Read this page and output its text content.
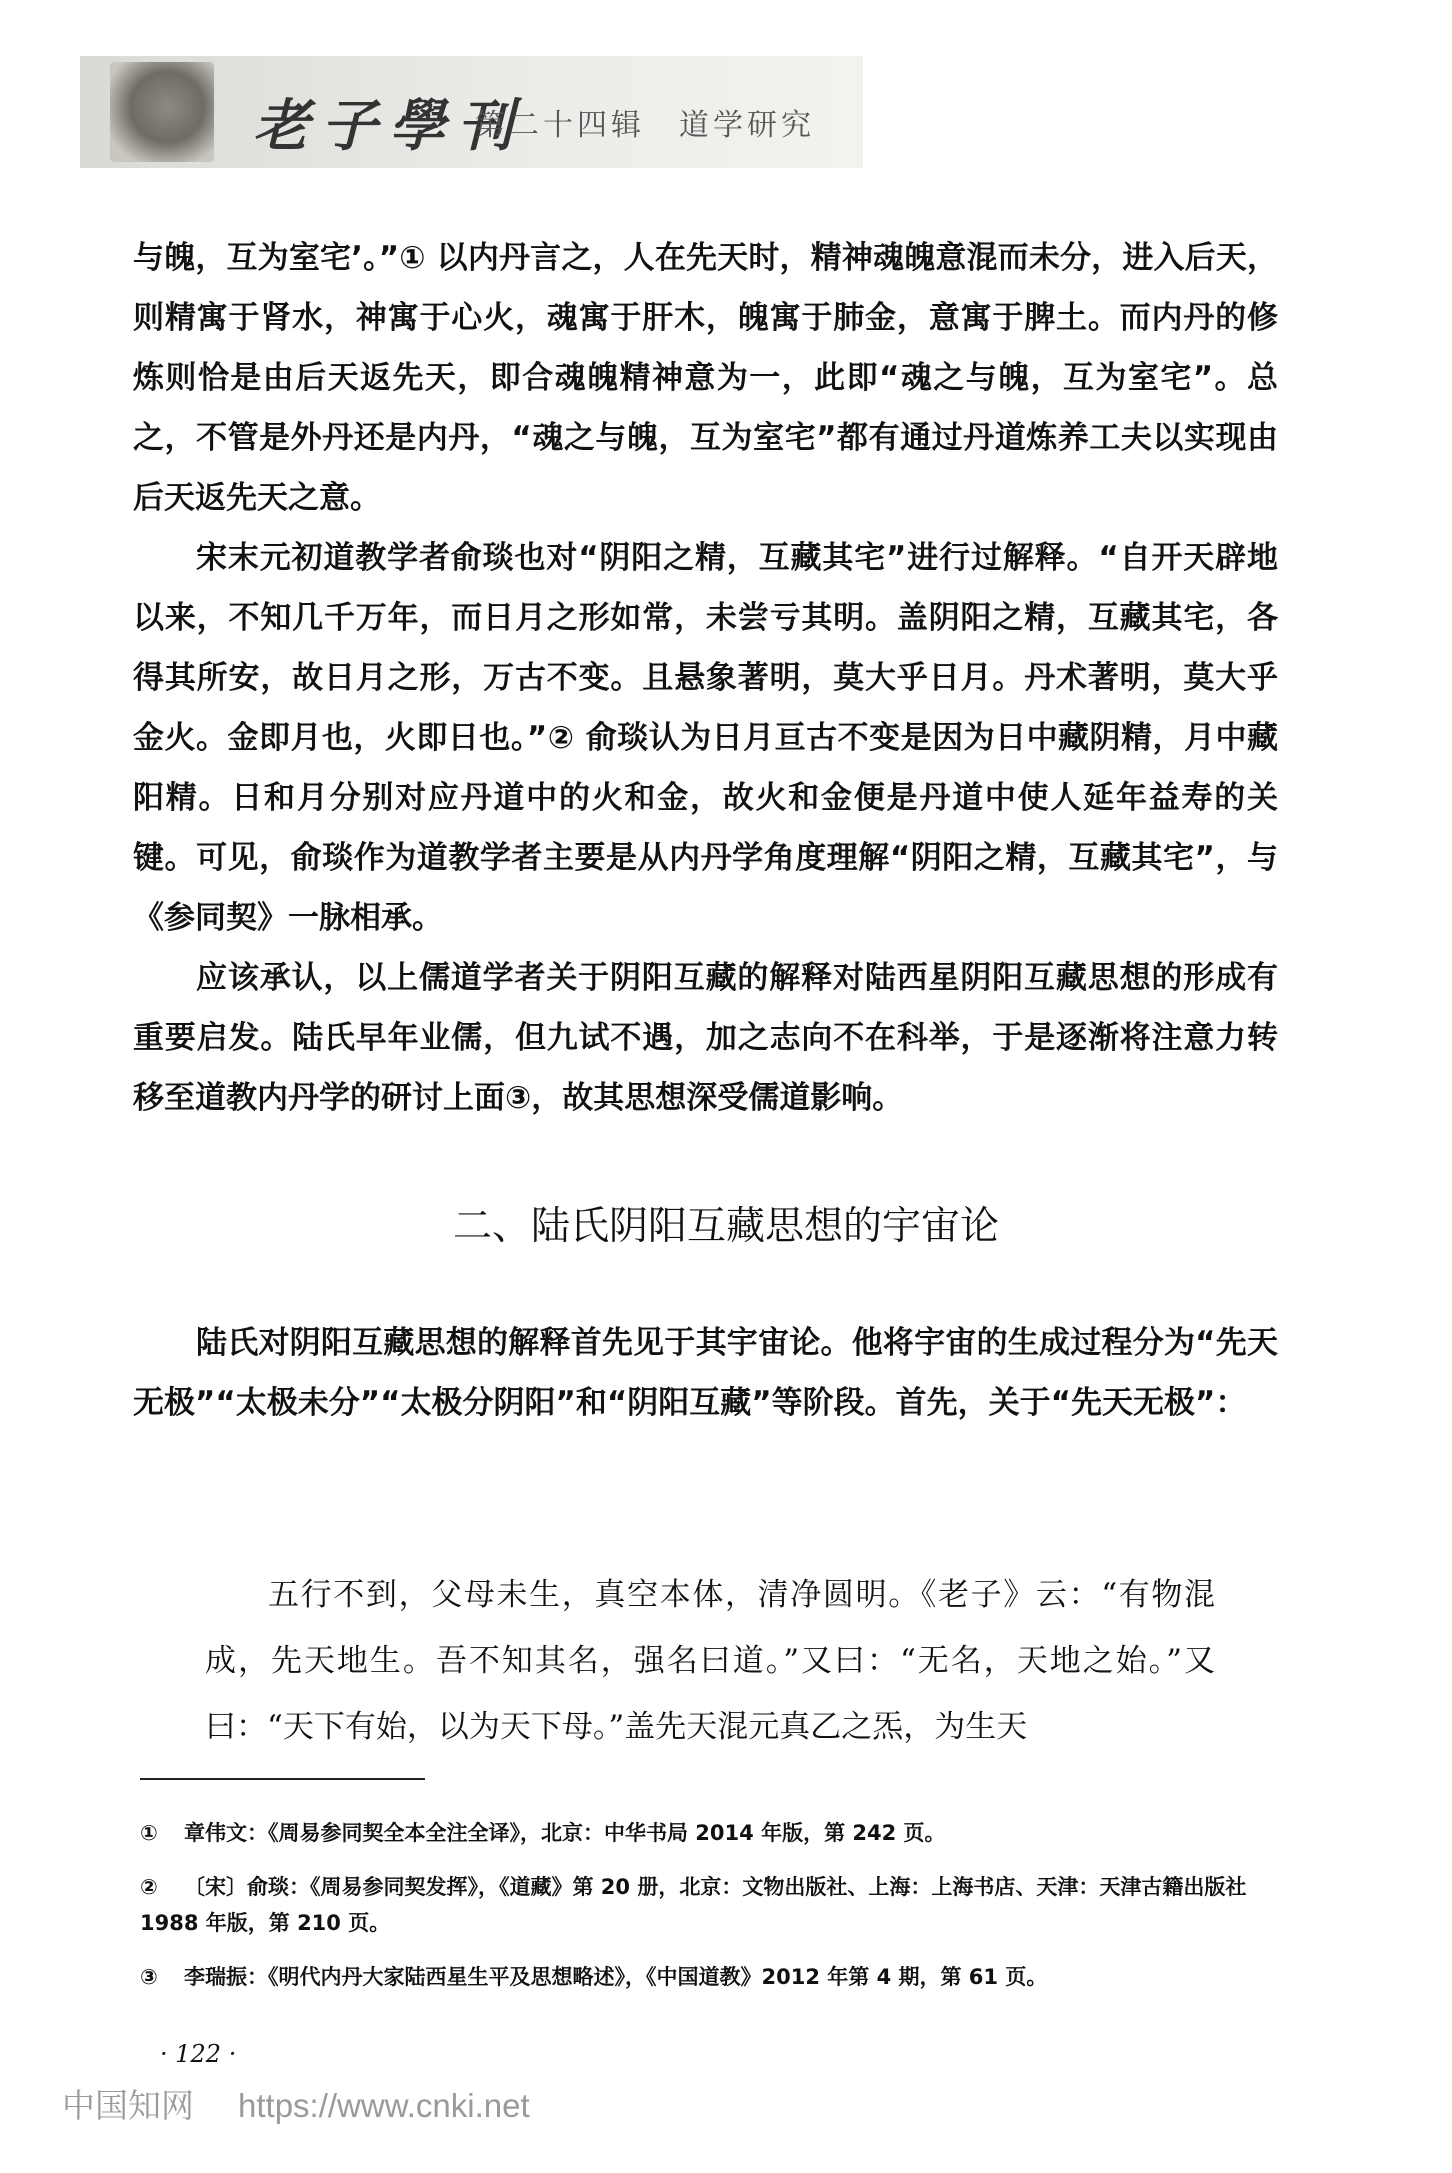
老子學刊
第二十四辑　道学研究

与魄，互为室宅’。”① 以内丹言之，人在先天时，精神魂魄意混而未分，进入后天，则精寓于肾水，神寓于心火，魂寓于肝木，魄寓于肺金，意寓于脾土。而内丹的修炼则恰是由后天返先天，即合魂魄精神意为一，此即“魂之与魄，互为室宅”。总之，不管是外丹还是内丹，“魂之与魄，互为室宅”都有通过丹道炼养工夫以实现由后天返先天之意。

宋末元初道教学者俞琰也对“阴阳之精，互藏其宅”进行过解释。“自开天辟地以来，不知几千万年，而日月之形如常，未尝亏其明。盖阴阳之精，互藏其宅，各得其所安，故日月之形，万古不变。且悬象著明，莫大乎日月。丹术著明，莫大乎金火。金即月也，火即日也。”② 俞琰认为日月亘古不变是因为日中藏阴精，月中藏阳精。日和月分别对应丹道中的火和金，故火和金便是丹道中使人延年益寿的关键。可见，俞琰作为道教学者主要是从内丹学角度理解“阴阳之精，互藏其宅”，与《参同契》一脉相承。

应该承认，以上儒道学者关于阴阳互藏的解释对陆西星阴阳互藏思想的形成有重要启发。陆氏早年业儒，但九试不遇，加之志向不在科举，于是逐渐将注意力转移至道教内丹学的研讨上面③，故其思想深受儒道影响。

二、陆氏阴阳互藏思想的宇宙论

陆氏对阴阳互藏思想的解释首先见于其宇宙论。他将宇宙的生成过程分为“先天无极”“太极未分”“太极分阴阳”和“阴阳互藏”等阶段。首先，关于“先天无极”：

五行不到，父母未生，真空本体，清净圆明。《老子》云：“有物混成，先天地生。吾不知其名，强名曰道。”又曰：“无名，天地之始。”又曰：“天下有始，以为天下母。”盖先天混元真乙之炁，为生天

① 章伟文：《周易参同契全本全注全译》，北京：中华书局 2014 年版，第 242 页。

② 〔宋〕俞琰：《周易参同契发挥》，《道藏》第 20 册，北京：文物出版社、上海：上海书店、天津：天津古籍出版社 1988 年版，第 210 页。

③ 李瑞振：《明代内丹大家陆西星生平及思想略述》，《中国道教》2012 年第 4 期，第 61 页。

· 122 ·
中国知网 https://www.cnki.net
